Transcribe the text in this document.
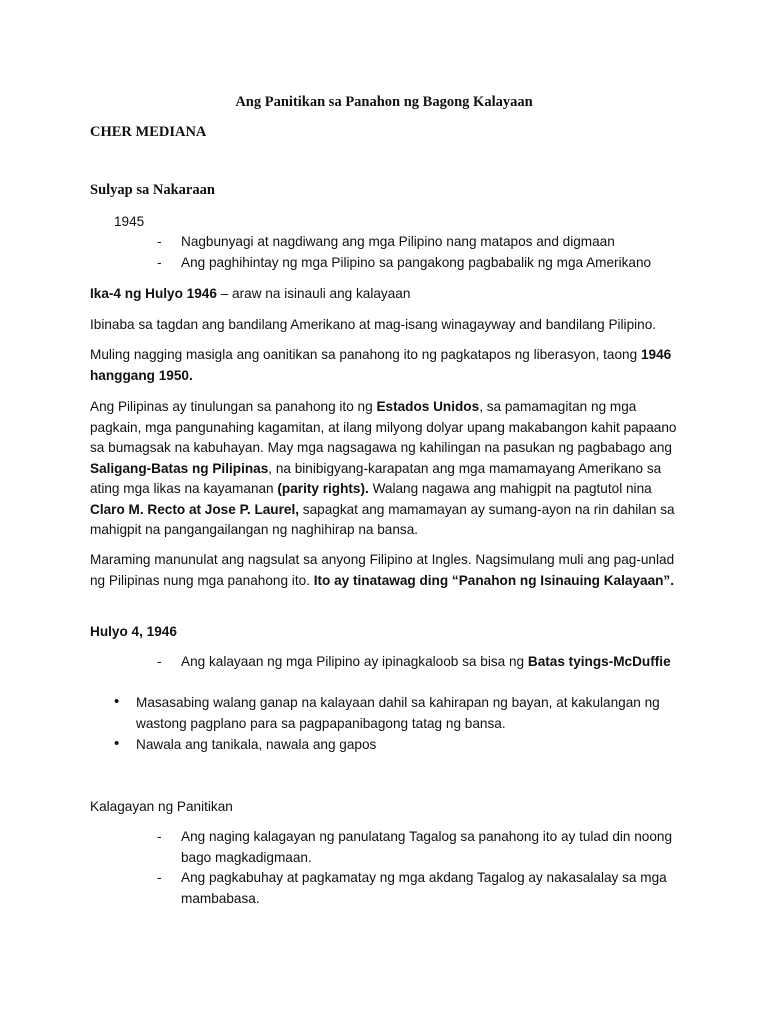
Ang Panitikan sa Panahon ng Bagong Kalayaan
CHER MEDIANA
Sulyap sa Nakaraan
1945
- Nagbunyagi at nagdiwang ang mga Pilipino nang matapos and digmaan
- Ang paghihintay ng mga Pilipino sa pangakong pagbabalik ng mga Amerikano

Ika-4 ng Hulyo 1946 – araw na isinauli ang kalayaan

Ibinaba sa tagdan ang bandilang Amerikano at mag-isang winagayway and bandilang Pilipino.

Muling nagging masigla ang oanitikan sa panahong ito ng pagkatapos ng liberasyon, taong 1946 hanggang 1950.

Ang Pilipinas ay tinulungan sa panahong ito ng Estados Unidos, sa pamamagitan ng mga pagkain, mga pangunahing kagamitan, at ilang milyong dolyar upang makabangon kahit papaano sa bumagsak na kabuhayan. May mga nagsagawa ng kahilingan na pasukan ng pagbabago ang Saligang-Batas ng Pilipinas, na binibigyang-karapatan ang mga mamamayang Amerikano sa ating mga likas na kayamanan (parity rights). Walang nagawa ang mahigpit na pagtutol nina Claro M. Recto at Jose P. Laurel, sapagkat ang mamamayan ay sumang-ayon na rin dahilan sa mahigpit na pangangailangan ng naghihirap na bansa.

Maraming manunulat ang nagsulat sa anyong Filipino at Ingles. Nagsimulang muli ang pag-unlad ng Pilipinas nung mga panahong ito. Ito ay tinatawag ding “Panahon ng Isinauing Kalayaan”.

Hulyo 4, 1946

- Ang kalayaan ng mga Pilipino ay ipinagkaloob sa bisa ng Batas tyings-McDuffie
• Masasabing walang ganap na kalayaan dahil sa kahirapan ng bayan, at kakulangan ng wastong pagplano para sa pagpapanibagong tatag ng bansa.
• Nawala ang tanikala, nawala ang gapos

Kalagayan ng Panitikan

- Ang naging kalagayan ng panulatang Tagalog sa panahong ito ay tulad din noong bago magkadigmaan.
- Ang pagkabuhay at pagkamatay ng mga akdang Tagalog ay nakasalalay sa mga mambabasa.
